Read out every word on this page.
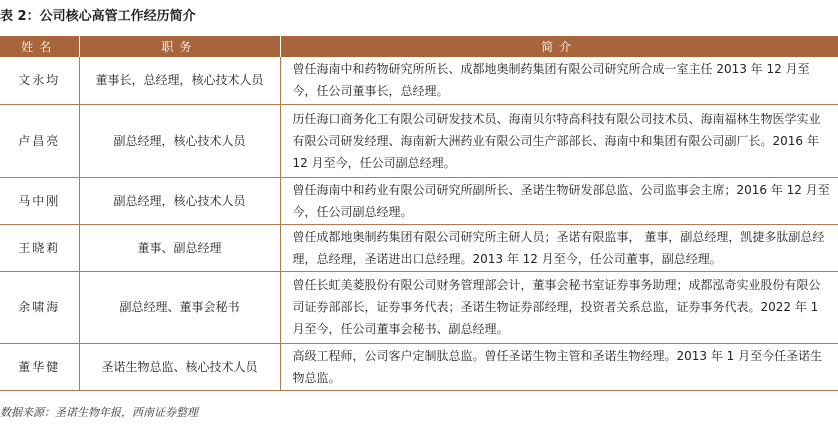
表 2：公司核心高管工作经历简介
姓名	职务	简介
文永均	董事长，总经理，核心技术人员	曾任海南中和药物研究所所长、成都地奥制药集团有限公司研究所合成一室主任 2013 年 12 月至今，任公司董事长，总经理。
卢昌亮	副总经理，核心技术人员	历任海口商务化工有限公司研发技术员、海南贝尔特高科技有限公司技术员、海南福林生物医学实业有限公司研发经理、海南新大洲药业有限公司生产部部长、海南中和集团有限公司副厂长。2016 年 12 月至今，任公司副总经理。
马中刚	副总经理，核心技术人员	曾任海南中和药业有限公司研究所副所长、圣诺生物研发部总监、公司监事会主席；2016 年 12 月至今，任公司副总经理。
王晓莉	董事、副总经理	曾任成都地奥制药集团有限公司研究所主研人员；圣诺有限监事， 董事，副总经理，凯捷多肽副总经理，总经理，圣诺进出口总经理。2013 年 12 月至今，任公司董事，副总经理。
余啸海	副总经理、董事会秘书	曾任长虹美菱股份有限公司财务管理部会计，董事会秘书室证券事务助理；成都泓奇实业股份有限公司证券部部长，证券事务代表；圣诺生物证券部经理，投资者关系总监，证券事务代表。2022 年 1 月至今，任公司董事会秘书、副总经理。
董华健	圣诺生物总监、核心技术人员	高级工程师，公司客户定制肽总监。曾任圣诺生物主管和圣诺生物经理。2013 年 1 月至今任圣诺生物总监。
数据来源：圣诺生物年报，西南证券整理
